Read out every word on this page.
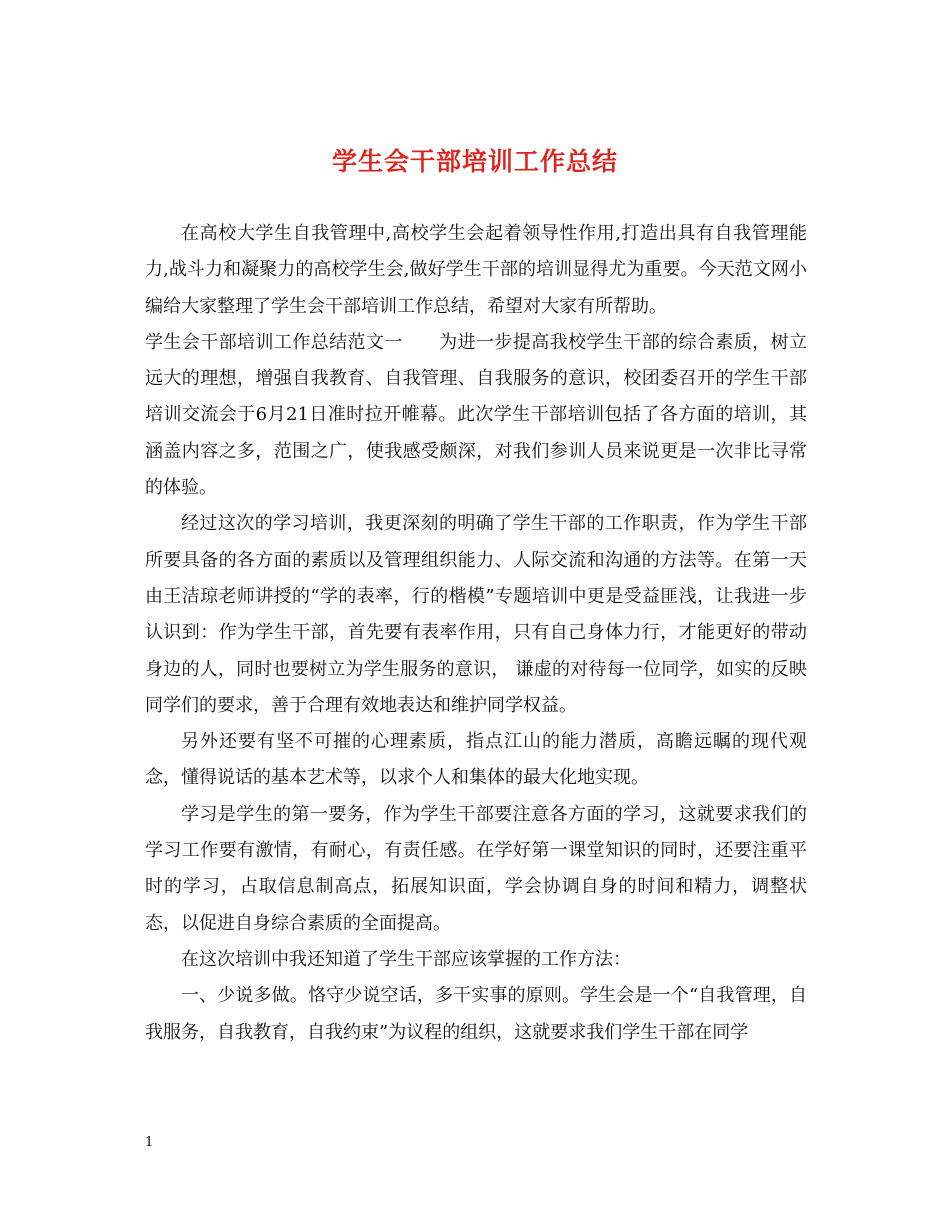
学生会干部培训工作总结

在高校大学生自我管理中,高校学生会起着领导性作用,打造出具有自我管理能力,战斗力和凝聚力的高校学生会,做好学生干部的培训显得尤为重要。今天范文网小编给大家整理了学生会干部培训工作总结，希望对大家有所帮助。

学生会干部培训工作总结范文一 为进一步提高我校学生干部的综合素质，树立远大的理想，增强自我教育、自我管理、自我服务的意识，校团委召开的学生干部培训交流会于6月21日准时拉开帷幕。此次学生干部培训包括了各方面的培训，其涵盖内容之多，范围之广，使我感受颇深，对我们参训人员来说更是一次非比寻常的体验。

经过这次的学习培训，我更深刻的明确了学生干部的工作职责，作为学生干部所要具备的各方面的素质以及管理组织能力、人际交流和沟通的方法等。在第一天由王洁琼老师讲授的“学的表率，行的楷模”专题培训中更是受益匪浅，让我进一步认识到：作为学生干部，首先要有表率作用，只有自己身体力行，才能更好的带动身边的人，同时也要树立为学生服务的意识， 谦虚的对待每一位同学，如实的反映同学们的要求，善于合理有效地表达和维护同学权益。

另外还要有坚不可摧的心理素质，指点江山的能力潜质，高瞻远瞩的现代观念，懂得说话的基本艺术等，以求个人和集体的最大化地实现。

学习是学生的第一要务，作为学生干部要注意各方面的学习，这就要求我们的学习工作要有激情，有耐心，有责任感。在学好第一课堂知识的同时，还要注重平时的学习，占取信息制高点，拓展知识面，学会协调自身的时间和精力，调整状态，以促进自身综合素质的全面提高。

在这次培训中我还知道了学生干部应该掌握的工作方法：

一、少说多做。恪守少说空话，多干实事的原则。学生会是一个“自我管理，自我服务，自我教育，自我约束”为议程的组织，这就要求我们学生干部在同学

1
